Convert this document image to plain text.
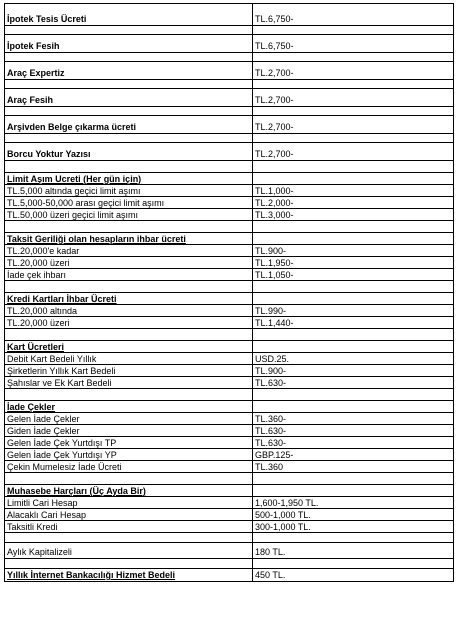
İpotek Tesis Ücreti	TL.6,750-
İpotek Fesih	TL.6,750-
Araç Expertiz	TL.2,700-
Araç Fesih	TL.2,700-
Arşivden Belge çıkarma ücreti	TL.2,700-
Borcu Yoktur Yazısı	TL.2,700-
Limit Aşım Ucreti (Her gün için)
TL.5,000 altında geçici limit aşımı	TL.1,000-
TL.5,000-50,000 arası geçici limit aşımı	TL.2,000-
TL.50,000 üzeri geçici limit aşımı	TL.3,000-
Taksit Geriliği olan hesapların ihbar ücreti
TL.20,000'e kadar	TL.900-
TL.20,000 üzeri	TL.1,950-
İade çek ihbarı	TL.1,050-
Kredi Kartları İhbar Ücreti
TL.20,000 altında	TL.990-
TL.20,000 üzeri	TL.1,440-
Kart Ücretleri
Debit Kart Bedeli Yıllık	USD.25.
Şirketlerin Yıllık Kart Bedeli	TL.900-
Şahıslar ve Ek Kart Bedeli	TL.630-
İade Çekler
Gelen İade Çekler	TL.360-
Giden İade Çekler	TL.630-
Gelen İade Çek Yurtdışı TP	TL.630-
Gelen İade Çek Yurtdışı YP	GBP.125-
Çekin Mumelesiz İade Ücreti	TL.360
Muhasebe Harçları (Üç Ayda Bir)
Limitli Cari Hesap	1,600-1,950 TL.
Alacaklı Cari Hesap	500-1,000 TL.
Taksitli Kredi	300-1,000 TL.
Aylık Kapitalizeli	180 TL.
Yıllık İnternet Bankacılığı Hizmet Bedeli	450 TL.
